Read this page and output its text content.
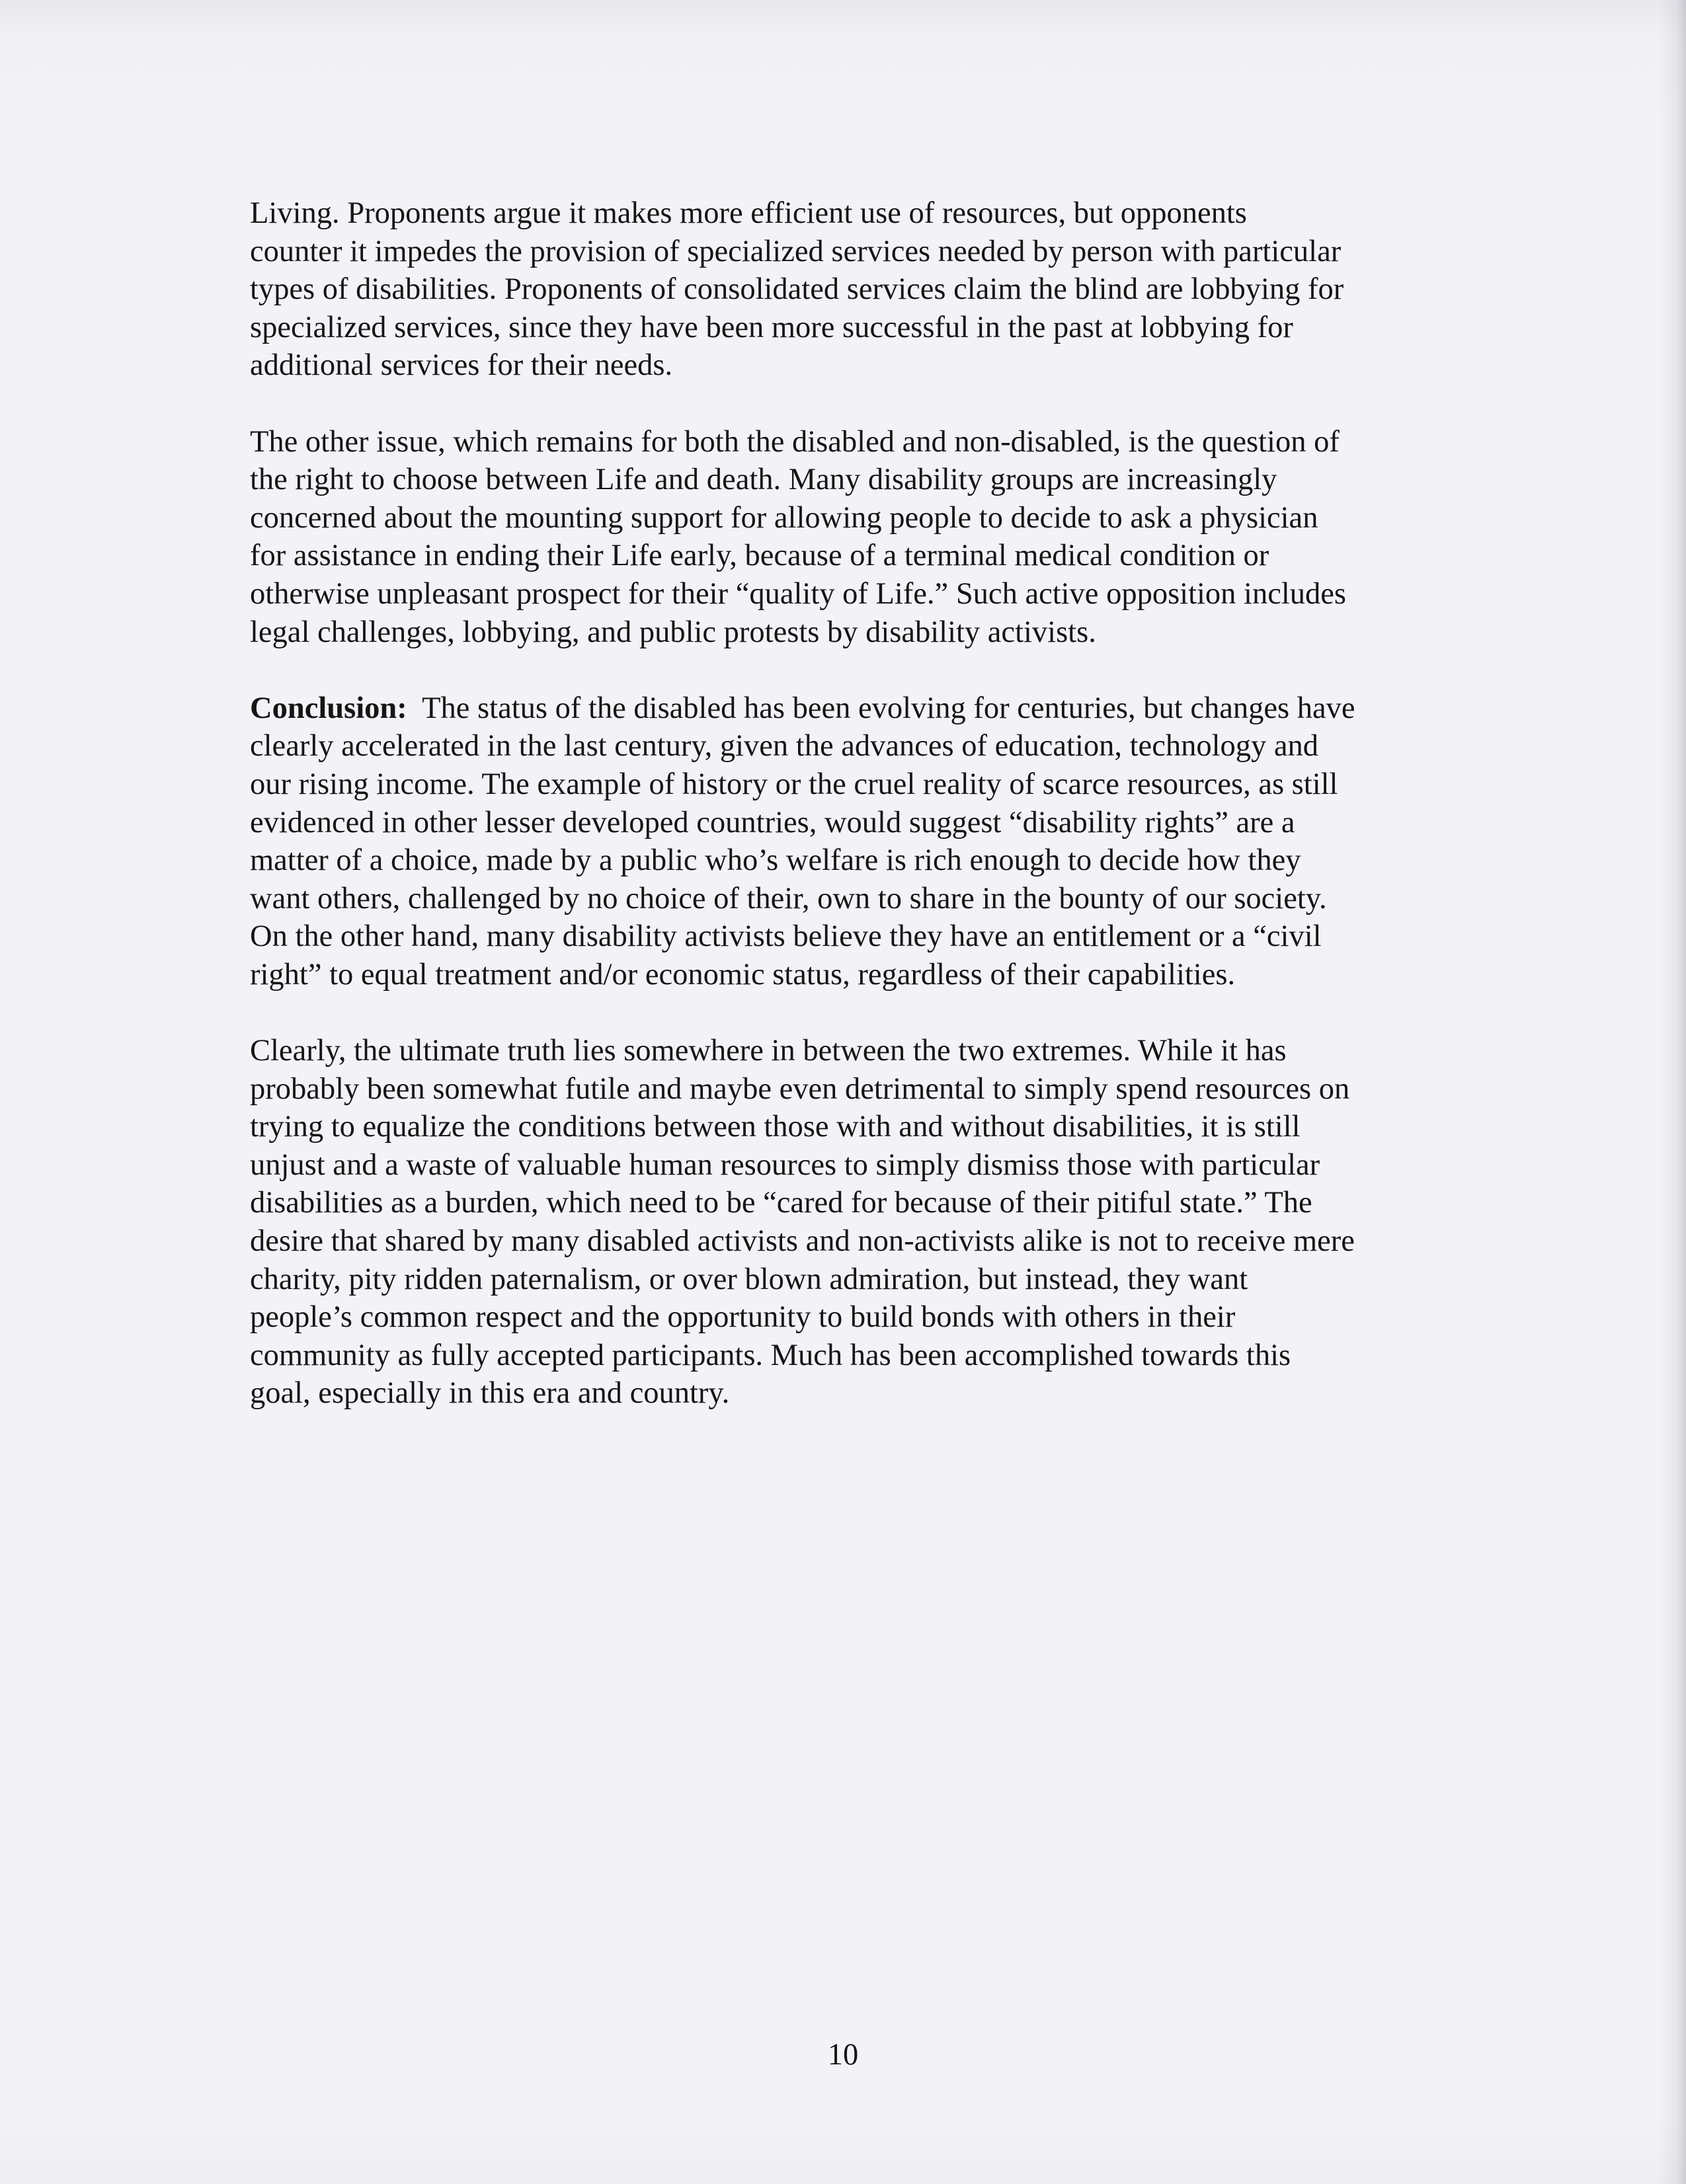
Living. Proponents argue it makes more efficient use of resources, but opponents
counter it impedes the provision of specialized services needed by person with particular
types of disabilities. Proponents of consolidated services claim the blind are lobbying for
specialized services, since they have been more successful in the past at lobbying for
additional services for their needs.
The other issue, which remains for both the disabled and non-disabled, is the question of
the right to choose between Life and death. Many disability groups are increasingly
concerned about the mounting support for allowing people to decide to ask a physician
for assistance in ending their Life early, because of a terminal medical condition or
otherwise unpleasant prospect for their “quality of Life.” Such active opposition includes
legal challenges, lobbying, and public protests by disability activists.
Conclusion:  The status of the disabled has been evolving for centuries, but changes have
clearly accelerated in the last century, given the advances of education, technology and
our rising income. The example of history or the cruel reality of scarce resources, as still
evidenced in other lesser developed countries, would suggest “disability rights” are a
matter of a choice, made by a public who’s welfare is rich enough to decide how they
want others, challenged by no choice of their, own to share in the bounty of our society.
On the other hand, many disability activists believe they have an entitlement or a “civil
right” to equal treatment and/or economic status, regardless of their capabilities.
Clearly, the ultimate truth lies somewhere in between the two extremes. While it has
probably been somewhat futile and maybe even detrimental to simply spend resources on
trying to equalize the conditions between those with and without disabilities, it is still
unjust and a waste of valuable human resources to simply dismiss those with particular
disabilities as a burden, which need to be “cared for because of their pitiful state.” The
desire that shared by many disabled activists and non-activists alike is not to receive mere
charity, pity ridden paternalism, or over blown admiration, but instead, they want
people’s common respect and the opportunity to build bonds with others in their
community as fully accepted participants. Much has been accomplished towards this
goal, especially in this era and country.
10
